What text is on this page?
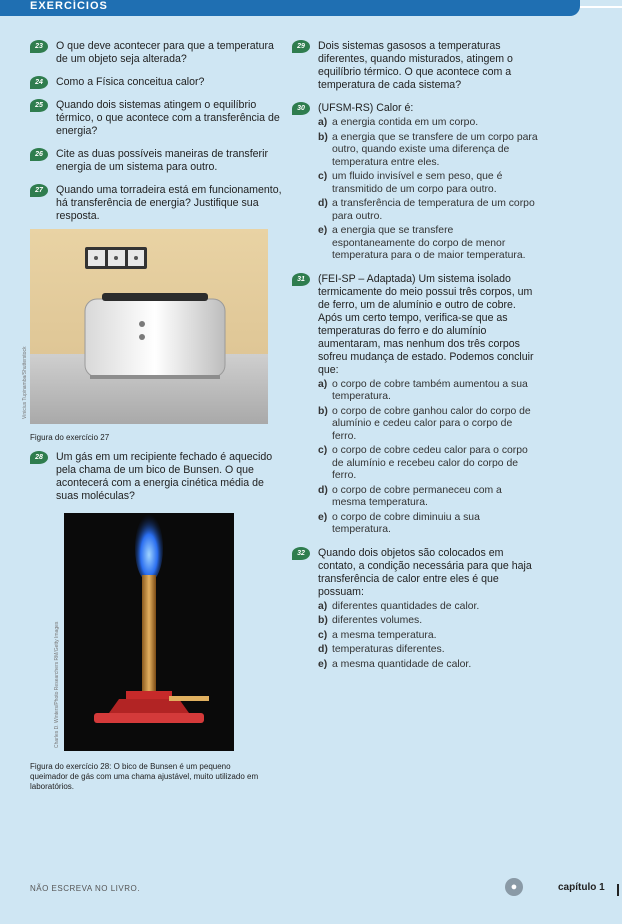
EXERCÍCIOS
23	O que deve acontecer para que a temperatura de um objeto seja alterada?
24	Como a Física conceitua calor?
25	Quando dois sistemas atingem o equilíbrio térmico, o que acontece com a transferência de energia?
26	Cite as duas possíveis maneiras de transferir energia de um sistema para outro.
27	Quando uma torradeira está em funcionamento, há transferência de energia? Justifique sua resposta.
Vinicius Tupinamba/Shutterstock
Figura do exercício 27
28	Um gás em um recipiente fechado é aquecido pela chama de um bico de Bunsen. O que acontecerá com a energia cinética média de suas moléculas?
Charles D. Winters/Photo Researchers RM/Getty Images
Figura do exercício 28: O bico de Bunsen é um pequeno queimador de gás com uma chama ajustável, muito utilizado em laboratórios.
29	Dois sistemas gasosos a temperaturas diferentes, quando misturados, atingem o equilíbrio térmico. O que acontece com a temperatura de cada sistema?
30	(UFSM-RS) Calor é:
a) a energia contida em um corpo.
b) a energia que se transfere de um corpo para outro, quando existe uma diferença de temperatura entre eles.
c) um fluido invisível e sem peso, que é transmitido de um corpo para outro.
d) a transferência de temperatura de um corpo para outro.
e) a energia que se transfere espontaneamente do corpo de menor temperatura para o de maior temperatura.
31	(FEI-SP – Adaptada) Um sistema isolado termicamente do meio possui três corpos, um de ferro, um de alumínio e outro de cobre. Após um certo tempo, verifica-se que as temperaturas do ferro e do alumínio aumentaram, mas nenhum dos três corpos sofreu mudança de estado. Podemos concluir que:
a) o corpo de cobre também aumentou a sua temperatura.
b) o corpo de cobre ganhou calor do corpo de alumínio e cedeu calor para o corpo de ferro.
c) o corpo de cobre cedeu calor para o corpo de alumínio e recebeu calor do corpo de ferro.
d) o corpo de cobre permaneceu com a mesma temperatura.
e) o corpo de cobre diminuiu a sua temperatura.
32	Quando dois objetos são colocados em contato, a condição necessária para que haja transferência de calor entre eles é que possuam:
a) diferentes quantidades de calor.
b) diferentes volumes.
c) a mesma temperatura.
d) temperaturas diferentes.
e) a mesma quantidade de calor.
NÃO ESCREVA NO LIVRO.	●	capítulo 1
